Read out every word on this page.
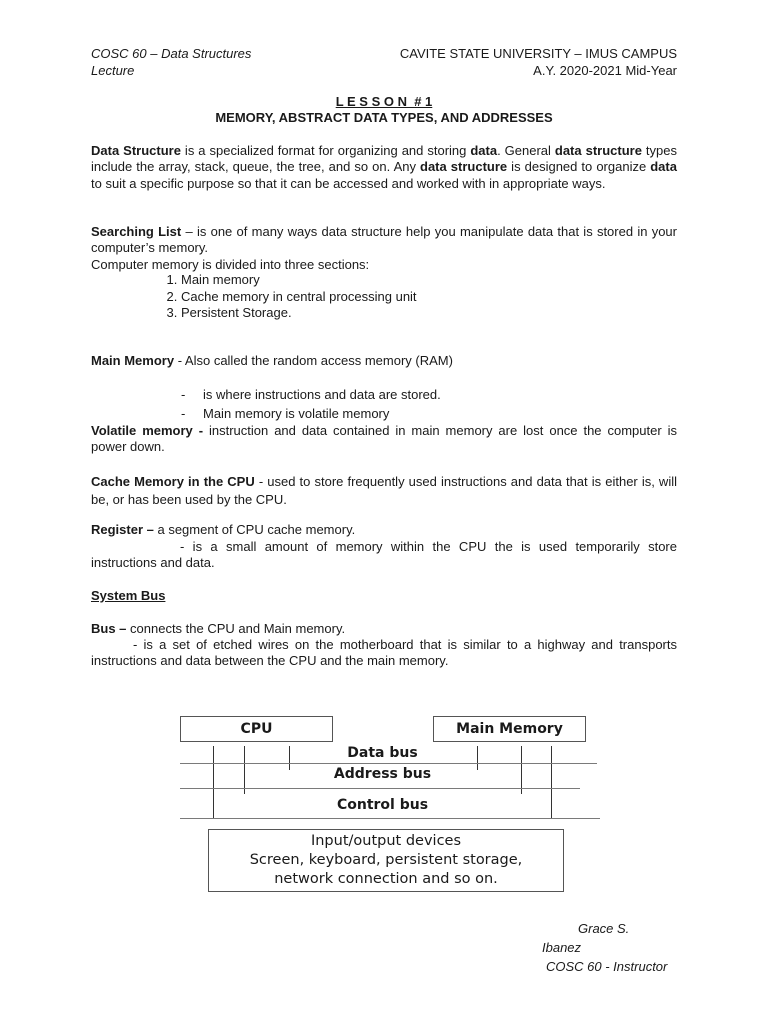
COSC 60 – Data Structures
Lecture
CAVITE STATE UNIVERSITY – IMUS CAMPUS
A.Y. 2020-2021 Mid-Year
L E S S O N  # 1
MEMORY, ABSTRACT DATA TYPES, AND ADDRESSES

Data Structure is a specialized format for organizing and storing data. General data structure types include the array, stack, queue, the tree, and so on. Any data structure is designed to organize data to suit a specific purpose so that it can be accessed and worked with in appropriate ways.

Searching List – is one of many ways data structure help you manipulate data that is stored in your computer’s memory.

Computer memory is divided into three sections:
1. Main memory
2. Cache memory in central processing unit
3. Persistent Storage.
Main Memory - Also called the random access memory (RAM)
- is where instructions and data are stored.
- Main memory is volatile memory

Volatile memory - instruction and data contained in main memory are lost once the computer is power down.

Cache Memory in the CPU - used to store frequently used instructions and data that is either is, will be, or has been used by the CPU.

Register – a segment of CPU cache memory.

- is a small amount of memory within the CPU the is used temporarily store instructions and data.

System Bus
Bus – connects the CPU and Main memory.

- is a set of etched wires on the motherboard that is similar to a highway and transports instructions and data between the CPU and the main memory.

CPU	Main Memory
Data bus
Address bus
Control bus
Input/output devices
Screen, keyboard, persistent storage,
network connection and so on.
Grace S.
Ibanez
COSC 60 - Instructor
